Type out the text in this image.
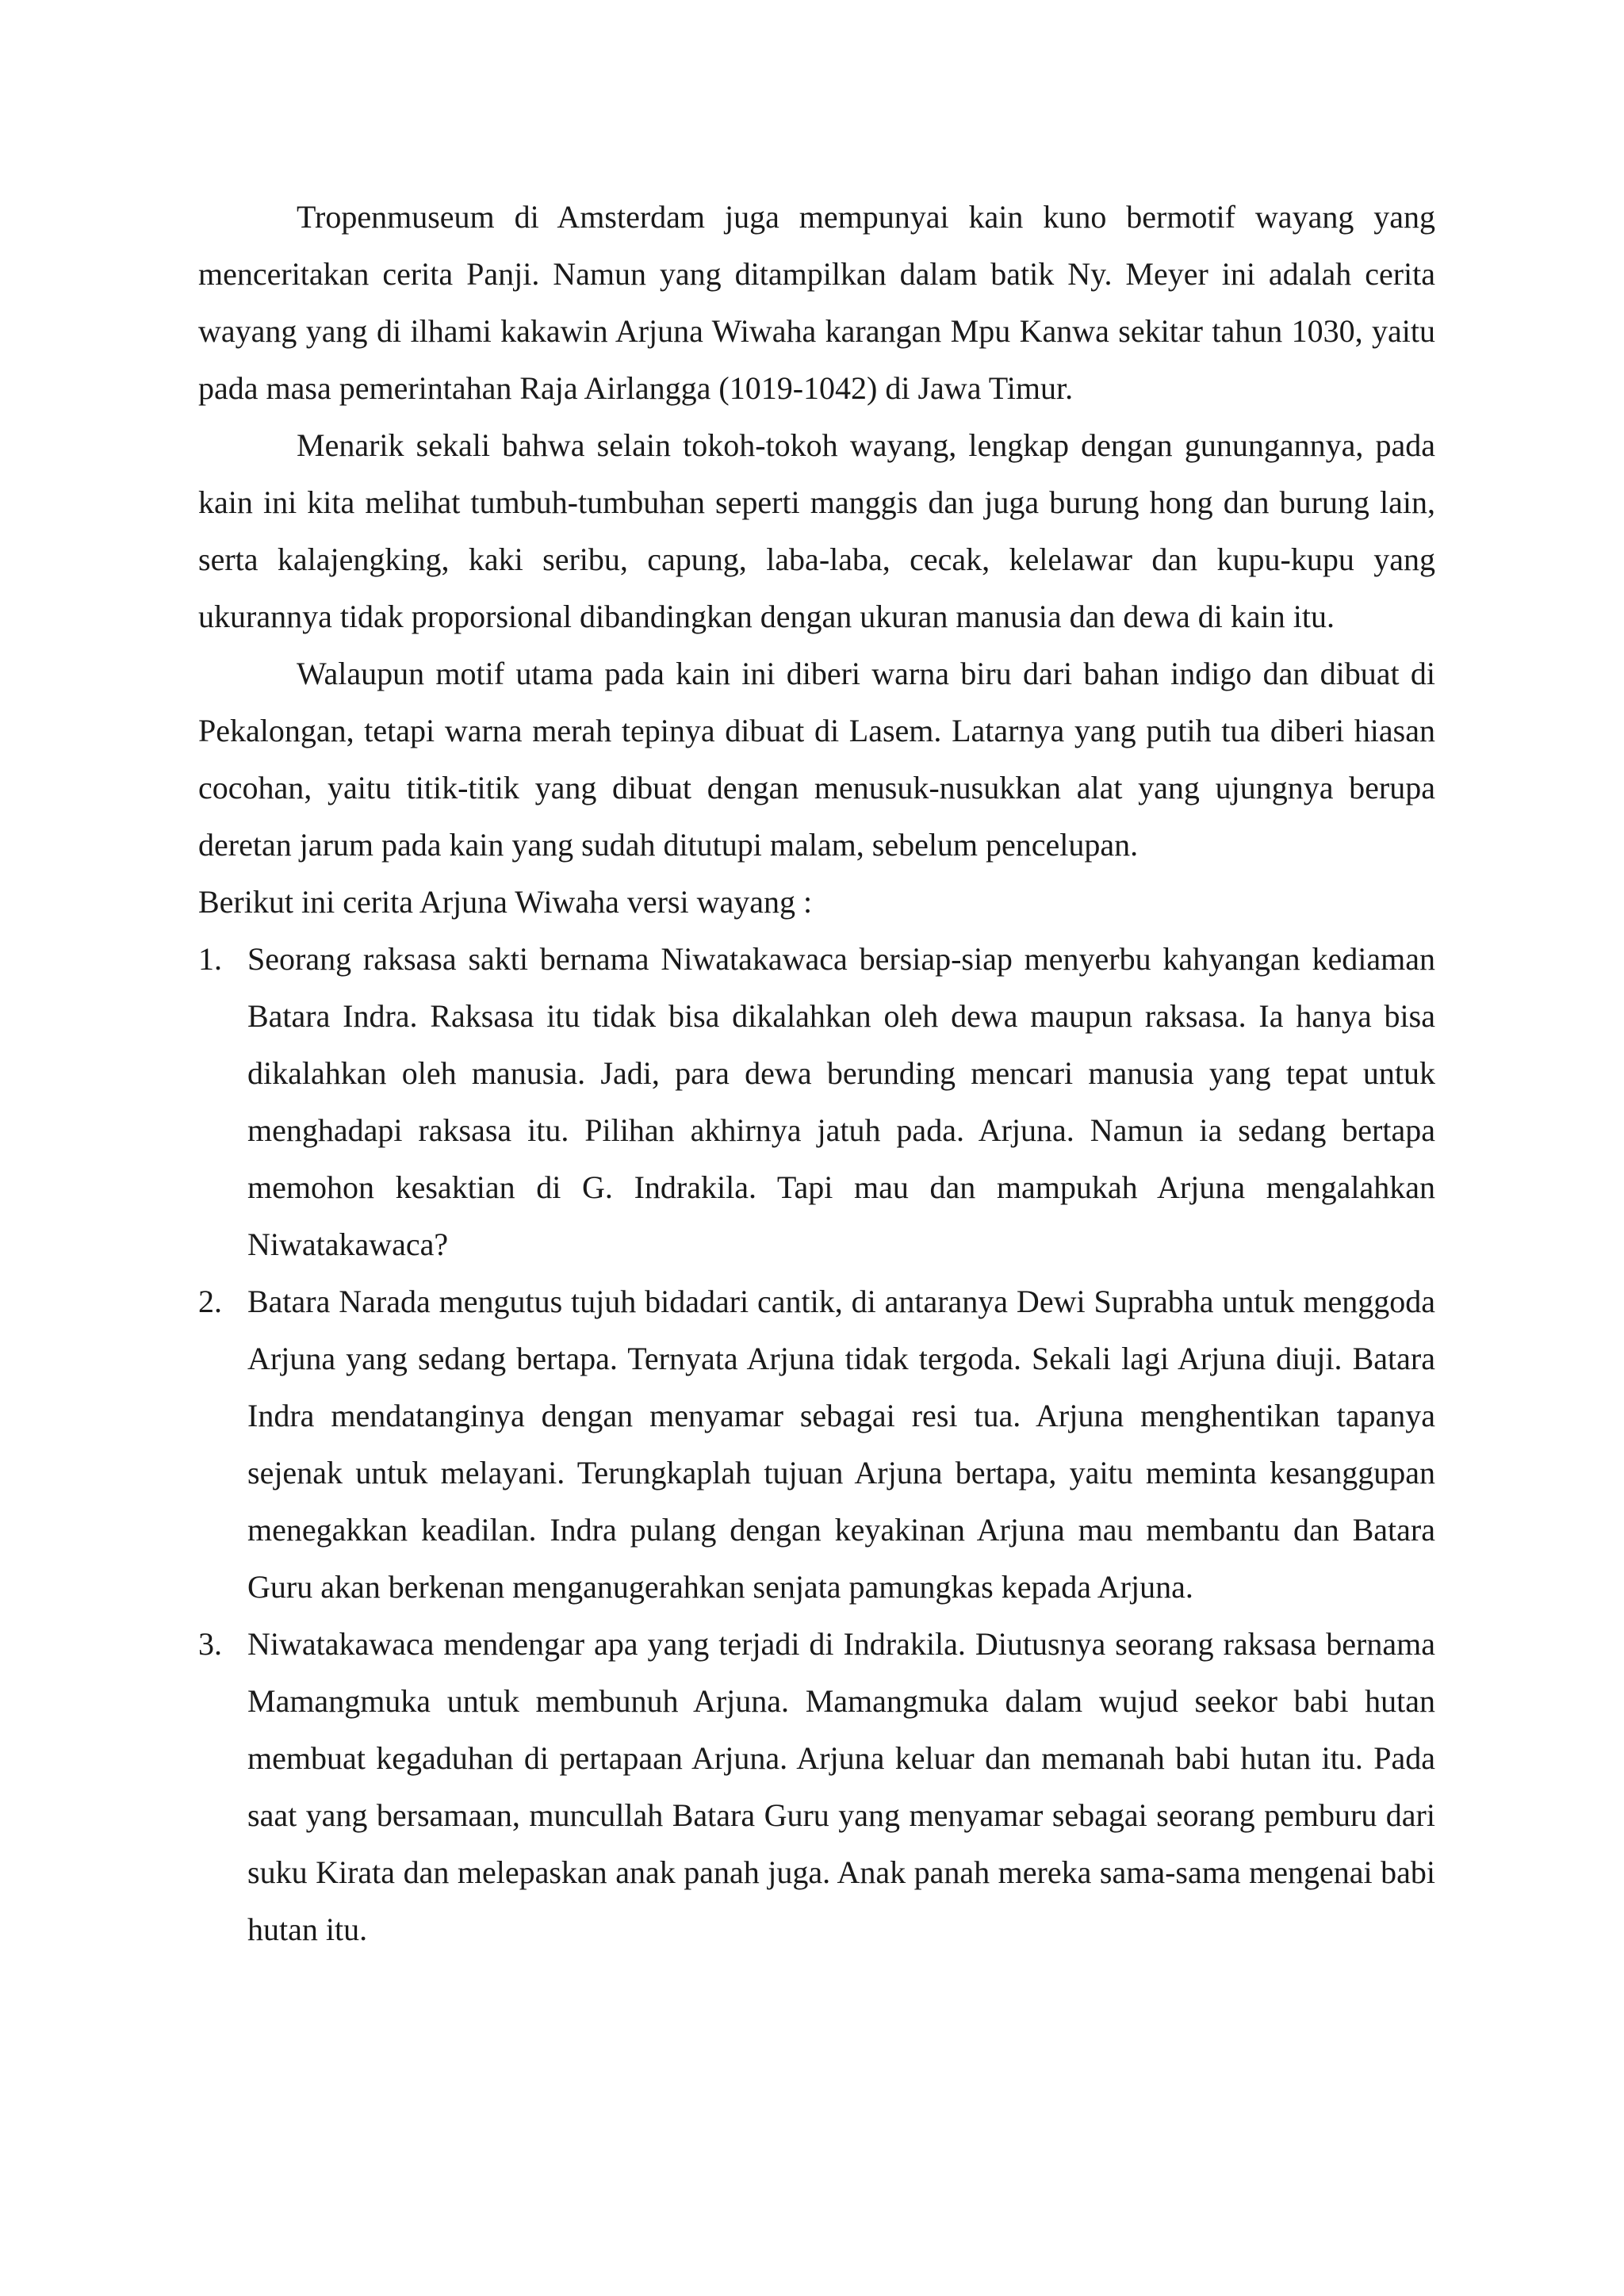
Tropenmuseum di Amsterdam juga mempunyai kain kuno bermotif wayang yang menceritakan cerita Panji. Namun yang ditampilkan dalam batik Ny. Meyer ini adalah cerita wayang yang di ilhami kakawin Arjuna Wiwaha karangan Mpu Kanwa sekitar tahun 1030, yaitu pada masa pemerintahan Raja Airlangga (1019-1042) di Jawa Timur.

Menarik sekali bahwa selain tokoh-tokoh wayang, lengkap dengan gunungannya, pada kain ini kita melihat tumbuh-tumbuhan seperti manggis dan juga burung hong dan burung lain, serta kalajengking, kaki seribu, capung, laba-laba, cecak, kelelawar dan kupu-kupu yang ukurannya tidak proporsional dibandingkan dengan ukuran manusia dan dewa di kain itu.

Walaupun motif utama pada kain ini diberi warna biru dari bahan indigo dan dibuat di Pekalongan, tetapi warna merah tepinya dibuat di Lasem. Latarnya yang putih tua diberi hiasan cocohan, yaitu titik-titik yang dibuat dengan menusuk-nusukkan alat yang ujungnya berupa deretan jarum pada kain yang sudah ditutupi malam, sebelum pencelupan.

Berikut ini cerita Arjuna Wiwaha versi wayang :

1. Seorang raksasa sakti bernama Niwatakawaca bersiap-siap menyerbu kahyangan kediaman Batara Indra. Raksasa itu tidak bisa dikalahkan oleh dewa maupun raksasa. Ia hanya bisa dikalahkan oleh manusia. Jadi, para dewa berunding mencari manusia yang tepat untuk menghadapi raksasa itu. Pilihan akhirnya jatuh pada. Arjuna. Namun ia sedang bertapa memohon kesaktian di G. Indrakila. Tapi mau dan mampukah Arjuna mengalahkan Niwatakawaca?
2. Batara Narada mengutus tujuh bidadari cantik, di antaranya Dewi Suprabha untuk menggoda Arjuna yang sedang bertapa. Ternyata Arjuna tidak tergoda. Sekali lagi Arjuna diuji. Batara Indra mendatanginya dengan menyamar sebagai resi tua. Arjuna menghentikan tapanya sejenak untuk melayani. Terungkaplah tujuan Arjuna bertapa, yaitu meminta kesanggupan menegakkan keadilan. Indra pulang dengan keyakinan Arjuna mau membantu dan Batara Guru akan berkenan menganugerahkan senjata pamungkas kepada Arjuna.
3. Niwatakawaca mendengar apa yang terjadi di Indrakila. Diutusnya seorang raksasa bernama Mamangmuka untuk membunuh Arjuna. Mamangmuka dalam wujud seekor babi hutan membuat kegaduhan di pertapaan Arjuna. Arjuna keluar dan memanah babi hutan itu. Pada saat yang bersamaan, muncullah Batara Guru yang menyamar sebagai seorang pemburu dari suku Kirata dan melepaskan anak panah juga. Anak panah mereka sama-sama mengenai babi hutan itu.
